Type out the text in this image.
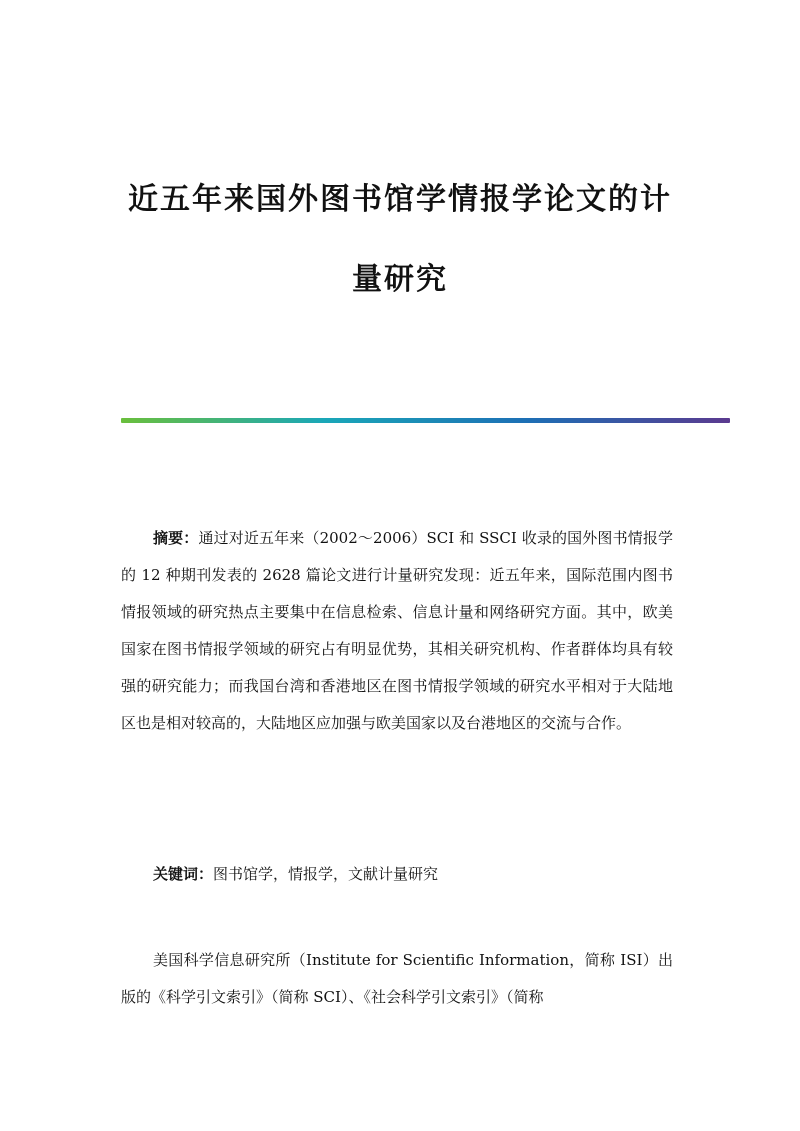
近五年来国外图书馆学情报学论文的计
量研究

摘要：通过对近五年来（2002～2006）SCI 和 SSCI 收录的国外图书情报学的 12 种期刊发表的 2628 篇论文进行计量研究发现：近五年来，国际范围内图书情报领域的研究热点主要集中在信息检索、信息计量和网络研究方面。其中，欧美国家在图书情报学领域的研究占有明显优势，其相关研究机构、作者群体均具有较强的研究能力；而我国台湾和香港地区在图书情报学领域的研究水平相对于大陆地区也是相对较高的，大陆地区应加强与欧美国家以及台港地区的交流与合作。

关键词：图书馆学，情报学，文献计量研究

美国科学信息研究所（Institute for Scientific Information，简称 ISI）出版的《科学引文索引》（简称 SCI）、《社会科学引文索引》（简称
